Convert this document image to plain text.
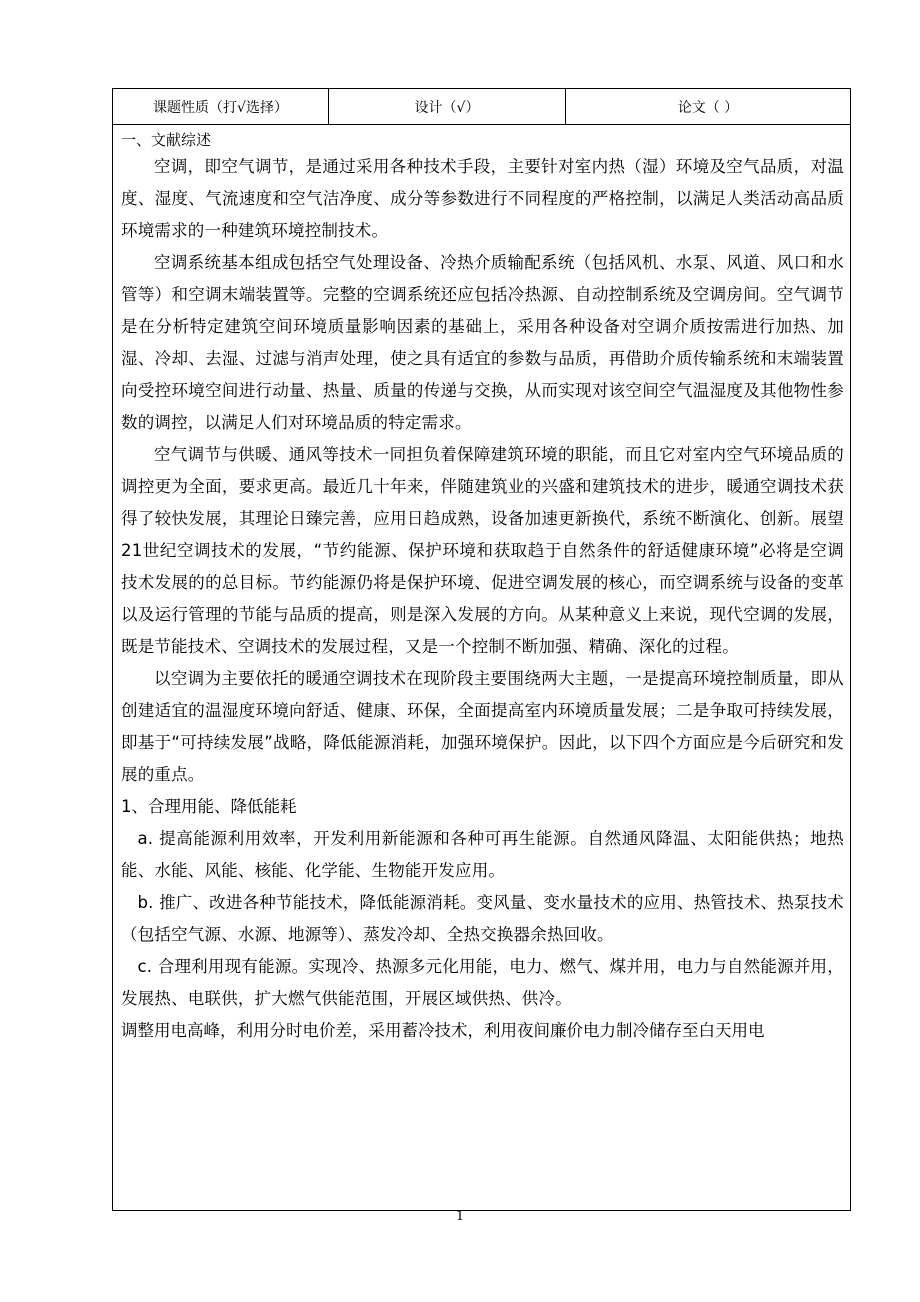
课题性质（打√选择）	设计（√）	论文（ ）

一、文献综述

空调，即空气调节，是通过采用各种技术手段，主要针对室内热（湿）环境及空气品质，对温度、湿度、气流速度和空气洁净度、成分等参数进行不同程度的严格控制，以满足人类活动高品质环境需求的一种建筑环境控制技术。

空调系统基本组成包括空气处理设备、冷热介质输配系统（包括风机、水泵、风道、风口和水管等）和空调末端装置等。完整的空调系统还应包括冷热源、自动控制系统及空调房间。空气调节是在分析特定建筑空间环境质量影响因素的基础上，采用各种设备对空调介质按需进行加热、加湿、冷却、去湿、过滤与消声处理，使之具有适宜的参数与品质，再借助介质传输系统和末端装置向受控环境空间进行动量、热量、质量的传递与交换，从而实现对该空间空气温湿度及其他物性参数的调控，以满足人们对环境品质的特定需求。

空气调节与供暖、通风等技术一同担负着保障建筑环境的职能，而且它对室内空气环境品质的调控更为全面，要求更高。最近几十年来，伴随建筑业的兴盛和建筑技术的进步，暖通空调技术获得了较快发展，其理论日臻完善，应用日趋成熟，设备加速更新换代，系统不断演化、创新。展望21世纪空调技术的发展，“节约能源、保护环境和获取趋于自然条件的舒适健康环境”必将是空调技术发展的的总目标。节约能源仍将是保护环境、促进空调发展的核心，而空调系统与设备的变革以及运行管理的节能与品质的提高，则是深入发展的方向。从某种意义上来说，现代空调的发展，既是节能技术、空调技术的发展过程，又是一个控制不断加强、精确、深化的过程。

以空调为主要依托的暖通空调技术在现阶段主要围绕两大主题，一是提高环境控制质量，即从创建适宜的温湿度环境向舒适、健康、环保，全面提高室内环境质量发展；二是争取可持续发展，即基于“可持续发展”战略，降低能源消耗，加强环境保护。因此，以下四个方面应是今后研究和发展的重点。

1、合理用能、降低能耗

a. 提高能源利用效率，开发利用新能源和各种可再生能源。自然通风降温、太阳能供热；地热能、水能、风能、核能、化学能、生物能开发应用。

b. 推广、改进各种节能技术，降低能源消耗。变风量、变水量技术的应用、热管技术、热泵技术（包括空气源、水源、地源等）、蒸发冷却、全热交换器余热回收。

c. 合理利用现有能源。实现冷、热源多元化用能，电力、燃气、煤并用，电力与自然能源并用，发展热、电联供，扩大燃气供能范围，开展区域供热、供冷。

调整用电高峰，利用分时电价差，采用蓄冷技术，利用夜间廉价电力制冷储存至白天用电

1
